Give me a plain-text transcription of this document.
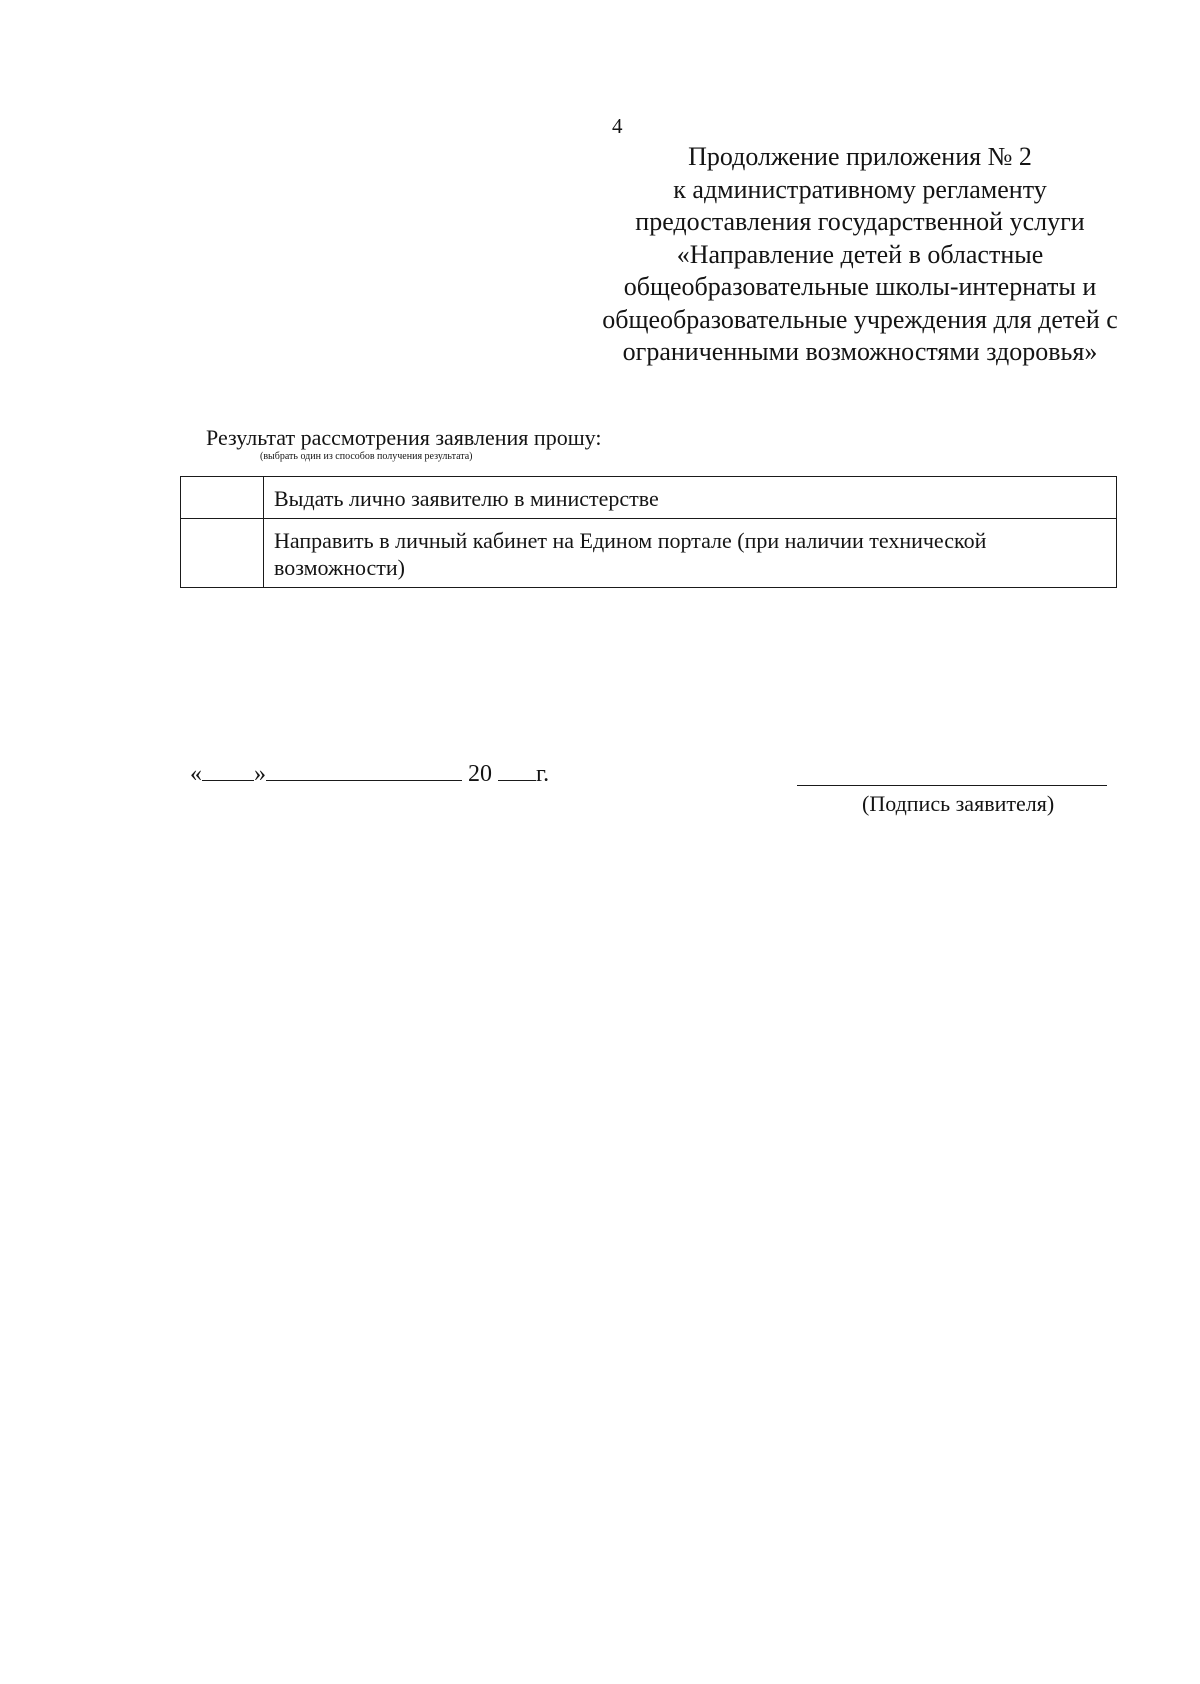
4
Продолжение приложения № 2
к административному регламенту
предоставления государственной услуги
«Направление детей в областные
общеобразовательные школы-интернаты и
общеобразовательные учреждения для детей с
ограниченными возможностями здоровья»
Результат рассмотрения заявления прошу:
(выбрать один из способов получения результата)
	Выдать лично заявителю в министерстве
	Направить в личный кабинет на Едином портале (при наличии технической возможности)
« »	20 г.
(Подпись заявителя)
